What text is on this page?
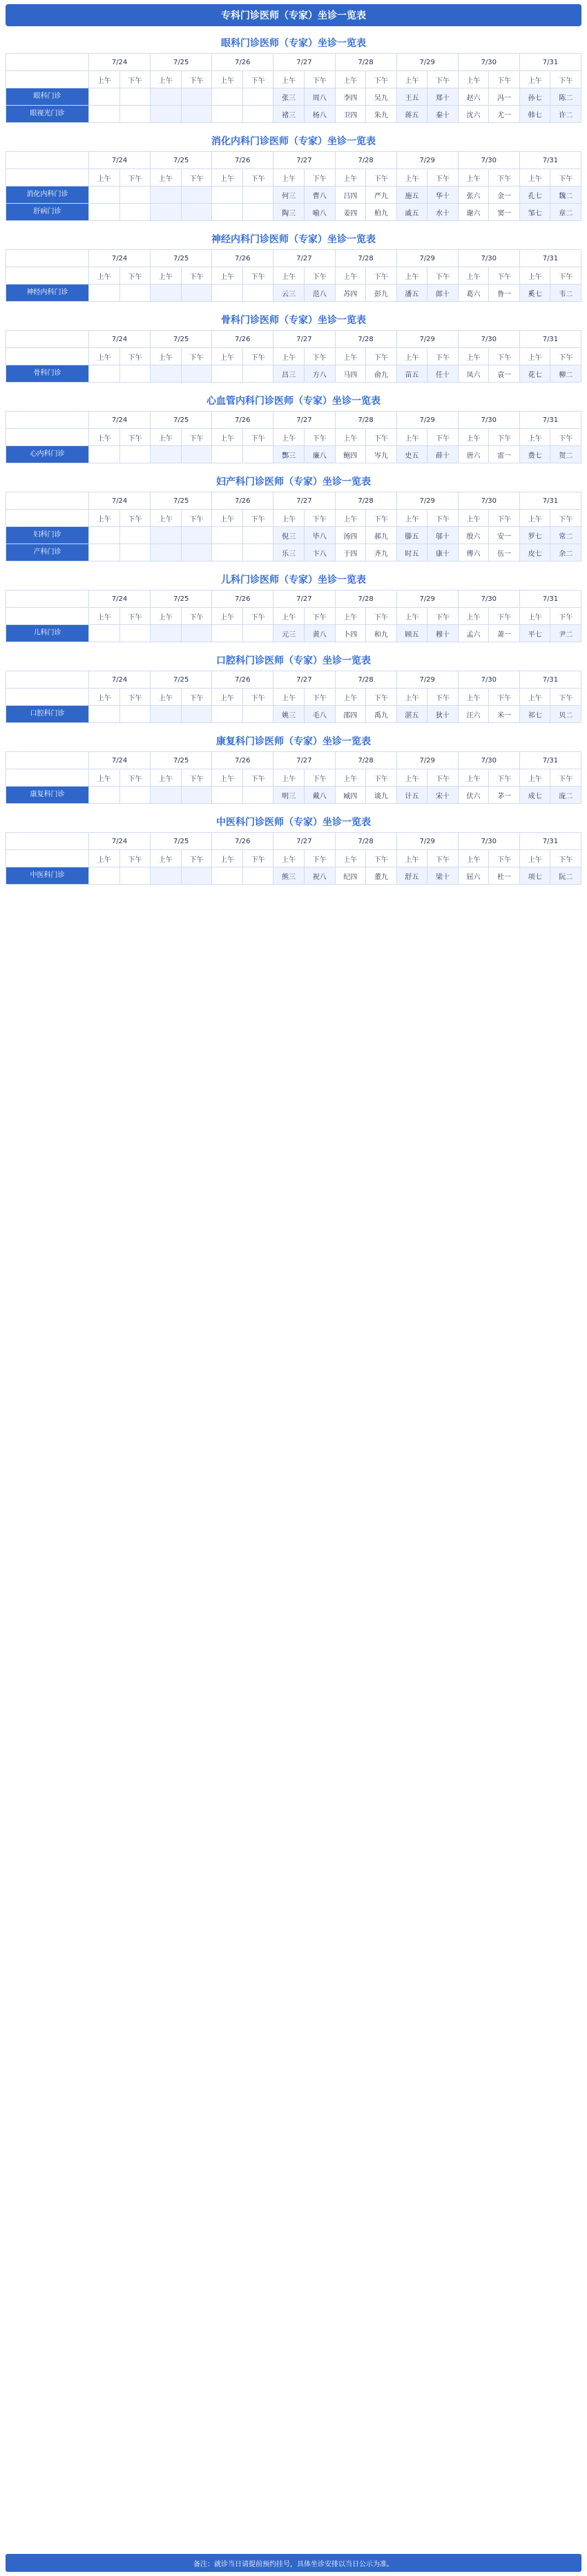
专科门诊医师（专家）坐诊一览表
眼科门诊医师（专家）坐诊一览表
	7/24		7/25		7/26		7/27		7/28		7/29		7/30		7/31	
	上午	下午	上午	下午	上午	下午	上午	下午	上午	下午	上午	下午	上午	下午	上午	下午
眼科门诊							张三	周八	李四	吴九	王五	郑十	赵六	冯一	孙七	陈二
眼视光门诊							褚三	杨八	卫四	朱九	蒋五	秦十	沈六	尤一	韩七	许二
消化内科门诊医师（专家）坐诊一览表
	7/24		7/25		7/26		7/27		7/28		7/29		7/30		7/31	
	上午	下午	上午	下午	上午	下午	上午	下午	上午	下午	上午	下午	上午	下午	上午	下午
消化内科门诊							何三	曹八	吕四	严九	施五	华十	张六	金一	孔七	魏二
肝病门诊							陶三	喻八	姜四	柏九	戚五	水十	谢六	窦一	邹七	章二
神经内科门诊医师（专家）坐诊一览表
	7/24		7/25		7/26		7/27		7/28		7/29		7/30		7/31	
	上午	下午	上午	下午	上午	下午	上午	下午	上午	下午	上午	下午	上午	下午	上午	下午
神经内科门诊							云三	范八	苏四	彭九	潘五	郎十	葛六	鲁一	奚七	韦二
骨科门诊医师（专家）坐诊一览表
	7/24		7/25		7/26		7/27		7/28		7/29		7/30		7/31	
	上午	下午	上午	下午	上午	下午	上午	下午	上午	下午	上午	下午	上午	下午	上午	下午
骨科门诊							昌三	方八	马四	俞九	苗五	任十	凤六	袁一	花七	柳二
心血管内科门诊医师（专家）坐诊一览表
	7/24		7/25		7/26		7/27		7/28		7/29		7/30		7/31	
	上午	下午	上午	下午	上午	下午	上午	下午	上午	下午	上午	下午	上午	下午	上午	下午
心内科门诊							酆三	廉八	鲍四	岑九	史五	薛十	唐六	雷一	费七	贺二
妇产科门诊医师（专家）坐诊一览表
	7/24		7/25		7/26		7/27		7/28		7/29		7/30		7/31	
	上午	下午	上午	下午	上午	下午	上午	下午	上午	下午	上午	下午	上午	下午	上午	下午
妇科门诊							倪三	毕八	汤四	郝九	滕五	邬十	殷六	安一	罗七	常二
产科门诊							乐三	卞八	于四	齐九	时五	康十	傅六	伍一	皮七	余二
儿科门诊医师（专家）坐诊一览表
	7/24		7/25		7/26		7/27		7/28		7/29		7/30		7/31	
	上午	下午	上午	下午	上午	下午	上午	下午	上午	下午	上午	下午	上午	下午	上午	下午
儿科门诊							元三	黄八	卜四	和九	顾五	穆十	孟六	萧一	平七	尹二
口腔科门诊医师（专家）坐诊一览表
	7/24		7/25		7/26		7/27		7/28		7/29		7/30		7/31	
	上午	下午	上午	下午	上午	下午	上午	下午	上午	下午	上午	下午	上午	下午	上午	下午
口腔科门诊							姚三	毛八	邵四	禹九	湛五	狄十	汪六	米一	祁七	贝二
康复科门诊医师（专家）坐诊一览表
	7/24		7/25		7/26		7/27		7/28		7/29		7/30		7/31	
	上午	下午	上午	下午	上午	下午	上午	下午	上午	下午	上午	下午	上午	下午	上午	下午
康复科门诊							明三	戴八	臧四	谈九	计五	宋十	伏六	茅一	成七	庞二
中医科门诊医师（专家）坐诊一览表
	7/24		7/25		7/26		7/27		7/28		7/29		7/30		7/31	
	上午	下午	上午	下午	上午	下午	上午	下午	上午	下午	上午	下午	上午	下午	上午	下午
中医科门诊							熊三	祝八	纪四	董九	舒五	梁十	屈六	杜一	项七	阮二
备注：就诊当日请提前预约挂号，具体坐诊安排以当日公示为准。
